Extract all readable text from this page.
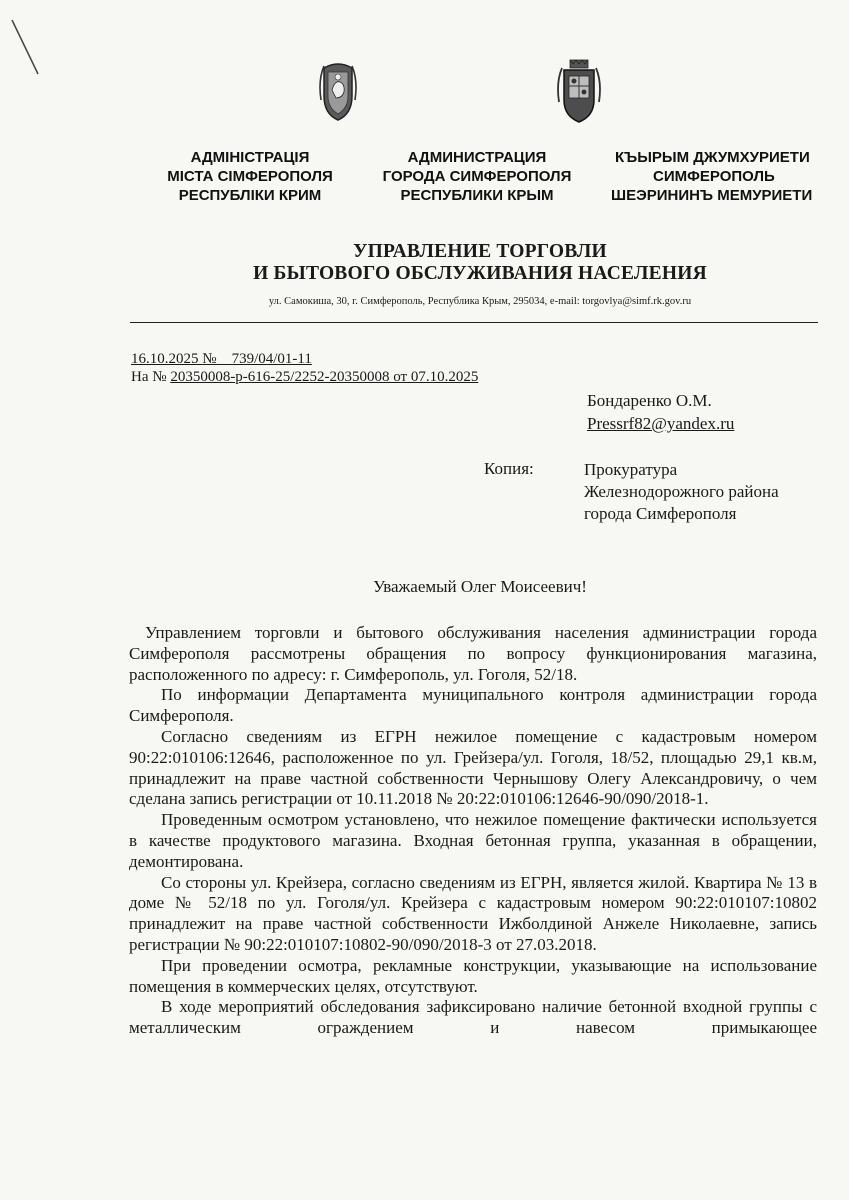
АДМІНІСТРАЦІЯ
МІСТА СІМФЕРОПОЛЯ
РЕСПУБЛІКИ КРИМ
АДМИНИСТРАЦИЯ
ГОРОДА СИМФЕРОПОЛЯ
РЕСПУБЛИКИ КРЫМ
КЪЫРЫМ ДЖУМХУРИЕТИ
СИМФЕРОПОЛЬ
ШЕЭРИНИНЪ МЕМУРИЕТИ
УПРАВЛЕНИЕ ТОРГОВЛИ
И БЫТОВОГО ОБСЛУЖИВАНИЯ НАСЕЛЕНИЯ
ул. Самокиша, 30, г. Симферополь, Республика Крым, 295034, e-mail: torgovlya@simf.rk.gov.ru
16.10.2025 № 739/04/01-11
На № 20350008-р-616-25/2252-20350008 от 07.10.2025
Бондаренко О.М.
Pressrf82@yandex.ru
Копия:	Прокуратура
Железнодорожного района
города Симферополя
Уважаемый Олег Моисеевич!

Управлением торговли и бытового обслуживания населения администрации города Симферополя рассмотрены обращения по вопросу функционирования магазина, расположенного по адресу: г. Симферополь, ул. Гоголя, 52/18.

По информации Департамента муниципального контроля администрации города Симферополя.

Согласно сведениям из ЕГРН нежилое помещение с кадастровым номером 90:22:010106:12646, расположенное по ул. Грейзера/ул. Гоголя, 18/52, площадью 29,1 кв.м, принадлежит на праве частной собственности Чернышову Олегу Александровичу, о чем сделана запись регистрации от 10.11.2018 № 20:22:010106:12646-90/090/2018-1.

Проведенным осмотром установлено, что нежилое помещение фактически используется в качестве продуктового магазина. Входная бетонная группа, указанная в обращении, демонтирована.

Со стороны ул. Крейзера, согласно сведениям из ЕГРН, является жилой. Квартира № 13 в доме № 52/18 по ул. Гоголя/ул. Крейзера с кадастровым номером 90:22:010107:10802 принадлежит на праве частной собственности Ижболдиной Анжеле Николаевне, запись регистрации № 90:22:010107:10802-90/090/2018-3 от 27.03.2018.

При проведении осмотра, рекламные конструкции, указывающие на использование помещения в коммерческих целях, отсутствуют.

В ходе мероприятий обследования зафиксировано наличие бетонной входной группы с металлическим ограждением и навесом примыкающее
